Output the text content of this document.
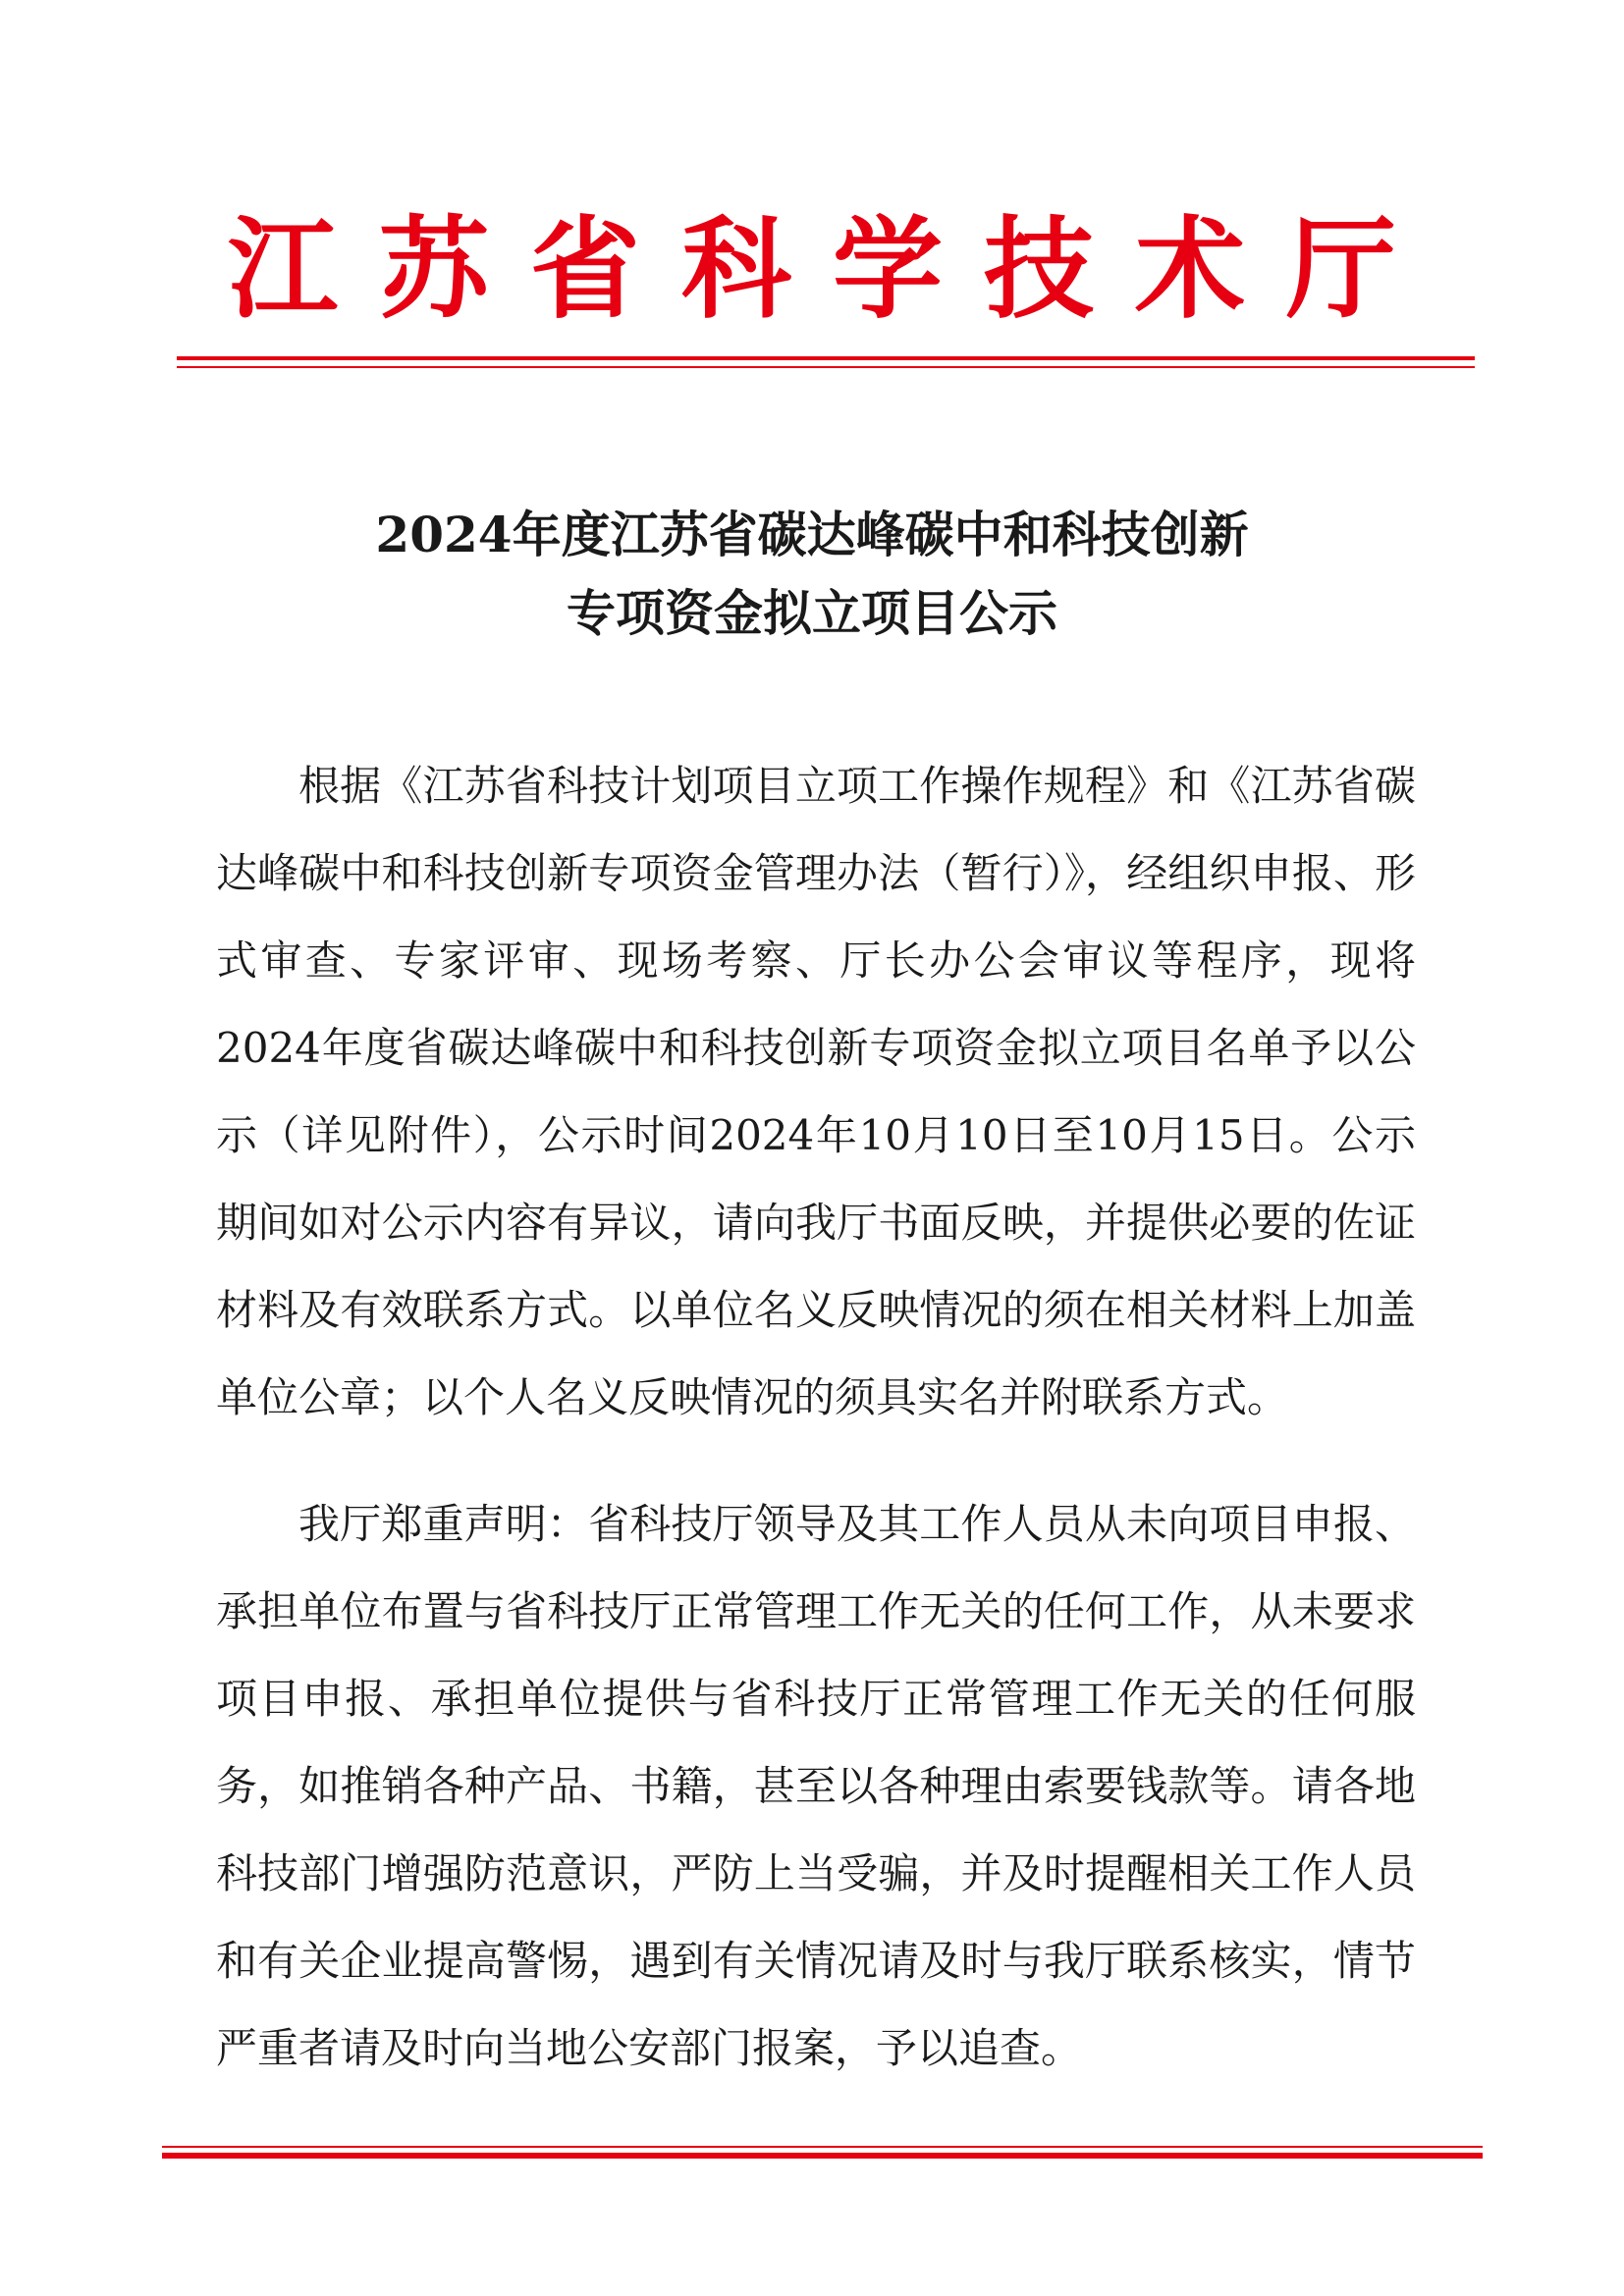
江苏省科学技术厅
2024年度江苏省碳达峰碳中和科技创新
专项资金拟立项目公示
根据《江苏省科技计划项目立项工作操作规程》和《江苏省碳达峰碳中和科技创新专项资金管理办法（暂行）》，经组织申报、形式审查、专家评审、现场考察、厅长办公会审议等程序，现将2024年度省碳达峰碳中和科技创新专项资金拟立项目名单予以公示（详见附件），公示时间2024年10月10日至10月15日。公示期间如对公示内容有异议，请向我厅书面反映，并提供必要的佐证材料及有效联系方式。以单位名义反映情况的须在相关材料上加盖单位公章；以个人名义反映情况的须具实名并附联系方式。
我厅郑重声明：省科技厅领导及其工作人员从未向项目申报、承担单位布置与省科技厅正常管理工作无关的任何工作，从未要求项目申报、承担单位提供与省科技厅正常管理工作无关的任何服务，如推销各种产品、书籍，甚至以各种理由索要钱款等。请各地科技部门增强防范意识，严防上当受骗，并及时提醒相关工作人员和有关企业提高警惕，遇到有关情况请及时与我厅联系核实，情节严重者请及时向当地公安部门报案，予以追查。
